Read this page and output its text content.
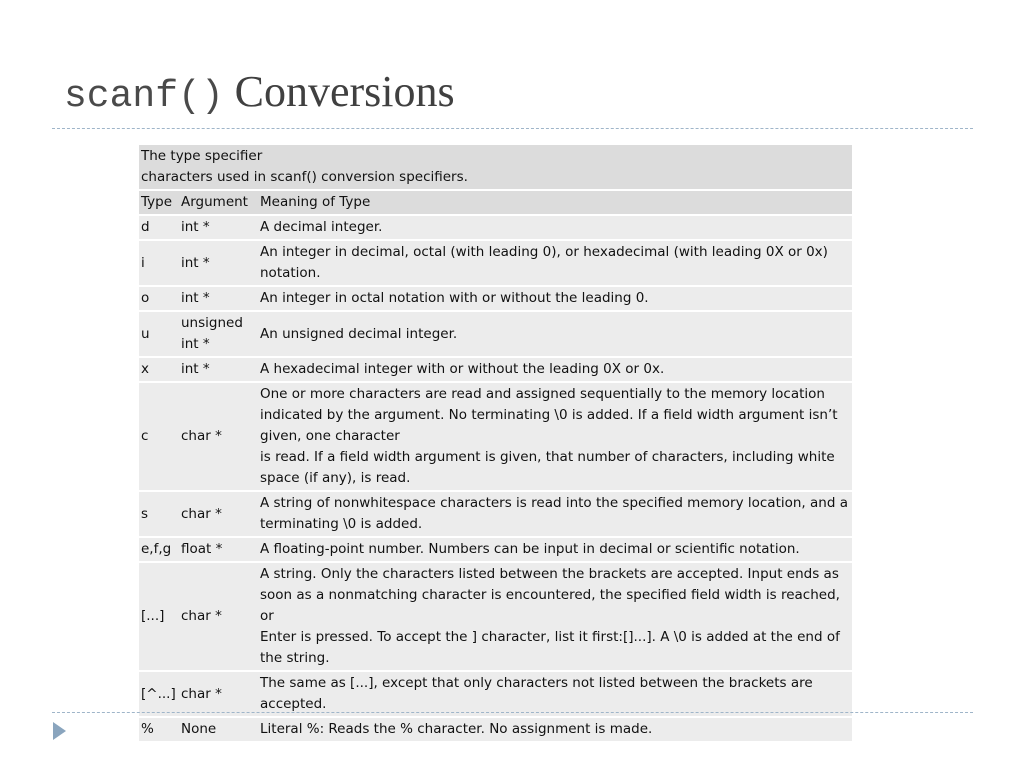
scanf() Conversions
The type specifier
characters used in scanf() conversion specifiers.		

Type	Argument	Meaning of Type
d	int *	A decimal integer.

i	int *	An integer in decimal, octal (with leading 0), or hexadecimal (with leading 0X or 0x) notation.

o	int *	An integer in octal notation with or without the leading 0.

u	unsigned int *	An unsigned decimal integer.

x	int *	A hexadecimal integer with or without the leading 0X or 0x.

c	char *	One or more characters are read and assigned sequentially to the memory location indicated by the argument. No terminating \0 is added. If a field width argument isn’t given, one character
is read. If a field width argument is given, that number of characters, including white space (if any), is read.

s	char *	A string of nonwhitespace characters is read into the specified memory location, and a terminating \0 is added.

e,f,g	float *	A floating-point number. Numbers can be input in decimal or scientific notation.

[...]	char *	A string. Only the characters listed between the brackets are accepted. Input ends as soon as a nonmatching character is encountered, the specified field width is reached, or
Enter is pressed. To accept the ] character, list it first:[]...]. A \0 is added at the end of the string.

[^...]	char *	The same as [...], except that only characters not listed between the brackets are accepted.

%	None	Literal %: Reads the % character. No assignment is made.
